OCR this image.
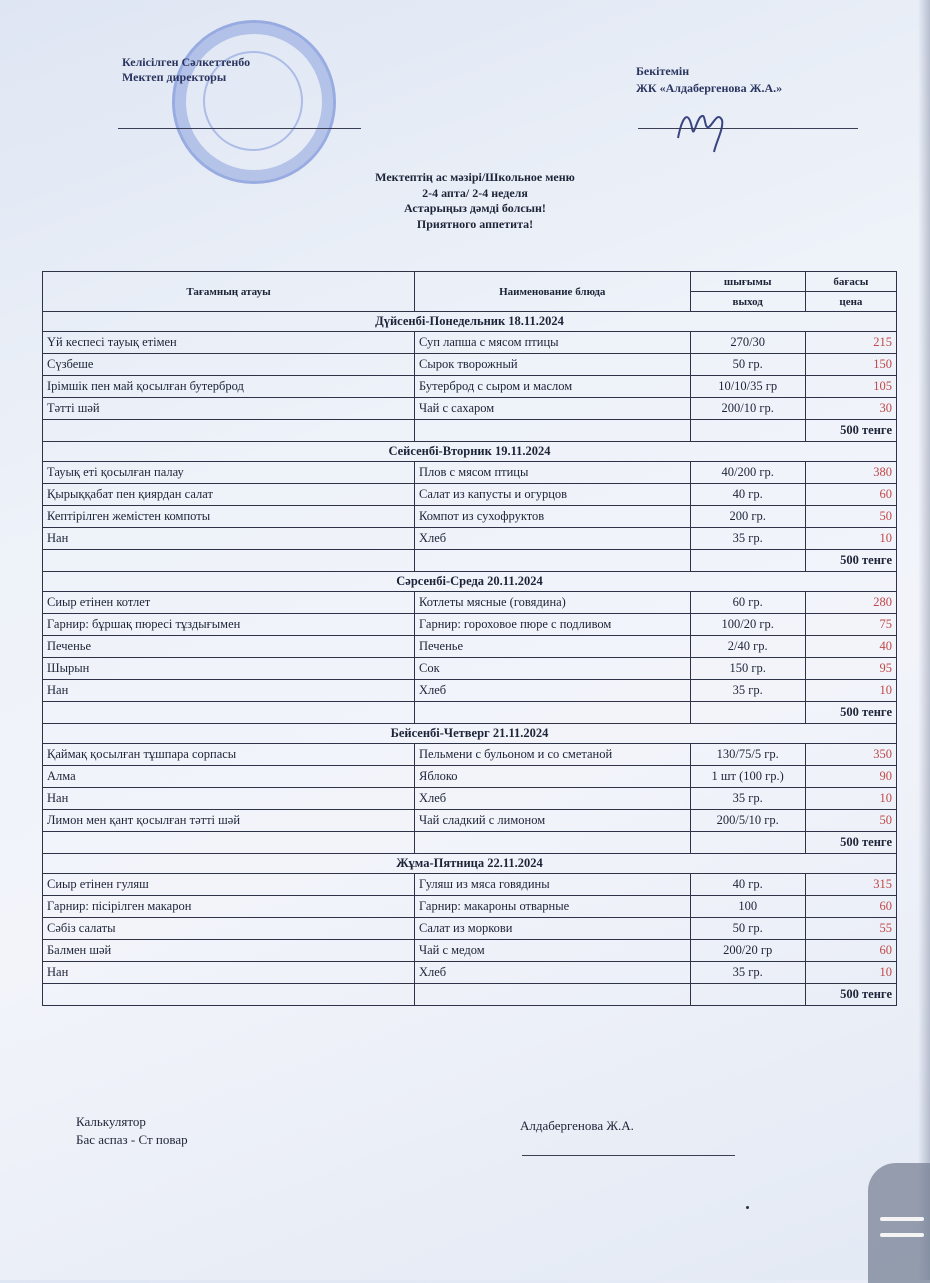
Келісілген Сәлкеттенбо
Мектеп директоры	Бекітемін
ЖК «Алдабергенова Ж.А.»
Мектептің ас мәзірі/Школьное меню
2-4 апта/ 2-4 неделя
Астарыңыз дәмді болсын!
Приятного аппетита!
Тағамның атауы	Наименование блюда	шығымы	бағасы
		выход	цена
Дүйсенбі-Понедельник 18.11.2024			
Үй кеспесі тауық етімен	Суп лапша с мясом птицы	270/30	215
Сүзбеше	Сырок творожный	50 гр.	150
Ірімшік пен май қосылған бутерброд	Бутерброд с сыром и маслом	10/10/35 гр	105
Тәтті шәй	Чай с сахаром	200/10 гр.	30
			500 тенге
Сейсенбі-Вторник 19.11.2024			
Тауық еті қосылған палау	Плов с мясом птицы	40/200 гр.	380
Қырыққабат пен қиярдан салат	Салат из капусты и огурцов	40 гр.	60
Кептірілген жемістен компоты	Компот из сухофруктов	200 гр.	50
Нан	Хлеб	35 гр.	10
			500 тенге
Сәрсенбі-Среда 20.11.2024			
Сиыр етінен котлет	Котлеты мясные (говядина)	60 гр.	280
Гарнир: бұршақ пюресі тұздығымен	Гарнир: гороховое пюре с подливом	100/20 гр.	75
Печенье	Печенье	2/40 гр.	40
Шырын	Сок	150 гр.	95
Нан	Хлеб	35 гр.	10
			500 тенге
Бейсенбі-Четверг 21.11.2024			
Қаймақ қосылған тұшпара сорпасы	Пельмени с бульоном и со сметаной	130/75/5 гр.	350
Алма	Яблоко	1 шт (100 гр.)	90
Нан	Хлеб	35 гр.	10
Лимон мен қант қосылған тәтті шәй	Чай сладкий с лимоном	200/5/10 гр.	50
			500 тенге
Жұма-Пятница 22.11.2024			
Сиыр етінен гуляш	Гуляш из мяса говядины	40 гр.	315
Гарнир: пісірілген макарон	Гарнир: макароны отварные	100	60
Сәбіз салаты	Салат из моркови	50 гр.	55
Балмен шәй	Чай с медом	200/20 гр	60
Нан	Хлеб	35 гр.	10
			500 тенге
Калькулятор
Бас аспаз - Ст повар
Алдабергенова Ж.А.
